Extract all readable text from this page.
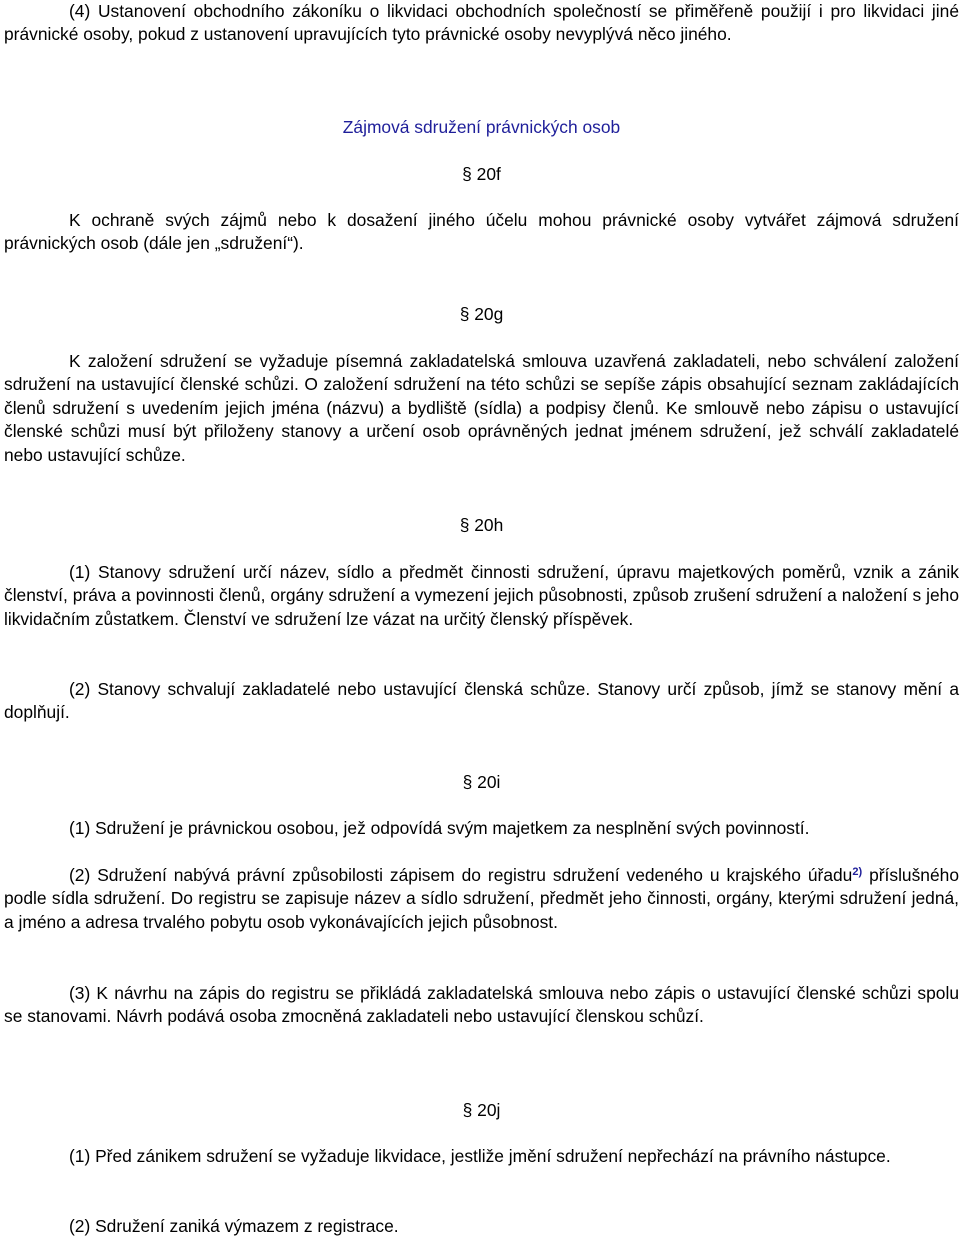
(4) Ustanovení obchodního zákoníku o likvidaci obchodních společností se přiměřeně použijí i pro likvidaci jiné právnické osoby, pokud z ustanovení upravujících tyto právnické osoby nevyplývá něco jiného.

Zájmová sdružení právnických osob

§ 20f

K ochraně svých zájmů nebo k dosažení jiného účelu mohou právnické osoby vytvářet zájmová sdružení právnických osob (dále jen „sdružení“).

§ 20g

K založení sdružení se vyžaduje písemná zakladatelská smlouva uzavřená zakladateli, nebo schválení založení sdružení na ustavující členské schůzi. O založení sdružení na této schůzi se sepíše zápis obsahující seznam zakládajících členů sdružení s uvedením jejich jména (názvu) a bydliště (sídla) a podpisy členů. Ke smlouvě nebo zápisu o ustavující členské schůzi musí být přiloženy stanovy a určení osob oprávněných jednat jménem sdružení, jež schválí zakladatelé nebo ustavující schůze.

§ 20h

(1) Stanovy sdružení určí název, sídlo a předmět činnosti sdružení, úpravu majetkových poměrů, vznik a zánik členství, práva a povinnosti členů, orgány sdružení a vymezení jejich působnosti, způsob zrušení sdružení a naložení s jeho likvidačním zůstatkem. Členství ve sdružení lze vázat na určitý členský příspěvek.

(2) Stanovy schvalují zakladatelé nebo ustavující členská schůze. Stanovy určí způsob, jímž se stanovy mění a doplňují.

§ 20i

(1) Sdružení je právnickou osobou, jež odpovídá svým majetkem za nesplnění svých povinností.

(2) Sdružení nabývá právní způsobilosti zápisem do registru sdružení vedeného u krajského úřadu$^{2)}$ příslušného podle sídla sdružení. Do registru se zapisuje název a sídlo sdružení, předmět jeho činnosti, orgány, kterými sdružení jedná, a jméno a adresa trvalého pobytu osob vykonávajících jejich působnost.

(3) K návrhu na zápis do registru se přikládá zakladatelská smlouva nebo zápis o ustavující členské schůzi spolu se stanovami. Návrh podává osoba zmocněná zakladateli nebo ustavující členskou schůzí.

§ 20j

(1) Před zánikem sdružení se vyžaduje likvidace, jestliže jmění sdružení nepřechází na právního nástupce.

(2) Sdružení zaniká výmazem z registrace.
